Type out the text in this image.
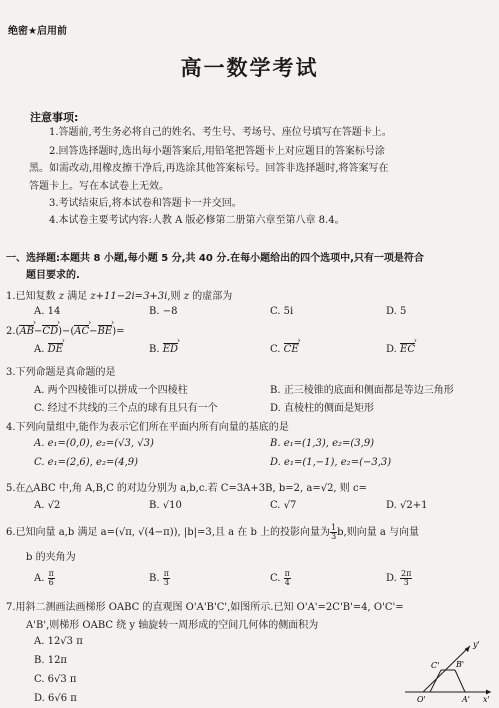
绝密★启用前
高一数学考试
注意事项:
1.答题前,考生务必将自己的姓名、考生号、考场号、座位号填写在答题卡上。
2.回答选择题时,选出每小题答案后,用铅笔把答题卡上对应题目的答案标号涂
黑。如需改动,用橡皮擦干净后,再选涂其他答案标号。回答非选择题时,将答案写在
答题卡上。写在本试卷上无效。
3.考试结束后,将本试卷和答题卡一并交回。
4.本试卷主要考试内容:人教 A 版必修第二册第六章至第八章 8.4。
一、选择题:本题共 8 小题,每小题 5 分,共 40 分.在每小题给出的四个选项中,只有一项是符合
题目要求的.
1.已知复数 z 满足 z+11−2i=3+3i,则 z 的虚部为
A. 14	B. −8	C. 5i	D. 5
2.(AB ›−CD ›)−(AC ›−BE ›)=
A. DE ›	B. ED ›	C. CE ›	D. EC ›
3.下列命题是真命题的是
A. 两个四棱锥可以拼成一个四棱柱	B. 正三棱锥的底面和侧面都是等边三角形
C. 经过不共线的三个点的球有且只有一个	D. 直棱柱的侧面是矩形
4.下列向量组中,能作为表示它们所在平面内所有向量的基底的是
A. e₁=(0,0), e₂=(√3, √3)	B. e₁=(1,3), e₂=(3,9)
C. e₁=(2,6), e₂=(4,9)	D. e₁=(1,−1), e₂=(−3,3)
5.在△ABC 中,角 A,B,C 的对边分别为 a,b,c.若 C=3A+3B, b=2, a=√2, 则 c=
A. √2	B. √10	C. √7	D. √2+1
6.已知向量 a,b 满足 a=(√π, √(4−π)), |b|=3,且 a 在 b 上的投影向量为 $\frac{1}{3} b$,则向量 a 与向量
b 的夹角为
A. $\frac{\pi}{6}$	B. $\frac{\pi}{3}$	C. $\frac{\pi}{4}$	D. $\frac{2\pi}{3}$
7.用斜二测画法画梯形 OABC 的直观图 O'A'B'C',如图所示.已知 O'A'=2C'B'=4, O'C'=
A'B',则梯形 OABC 绕 y 轴旋转一周形成的空间几何体的侧面积为
A. 12√3 π
B. 12π
C. 6√3 π
D. 6√6 π
y'
C' B'
O'	A' x'
